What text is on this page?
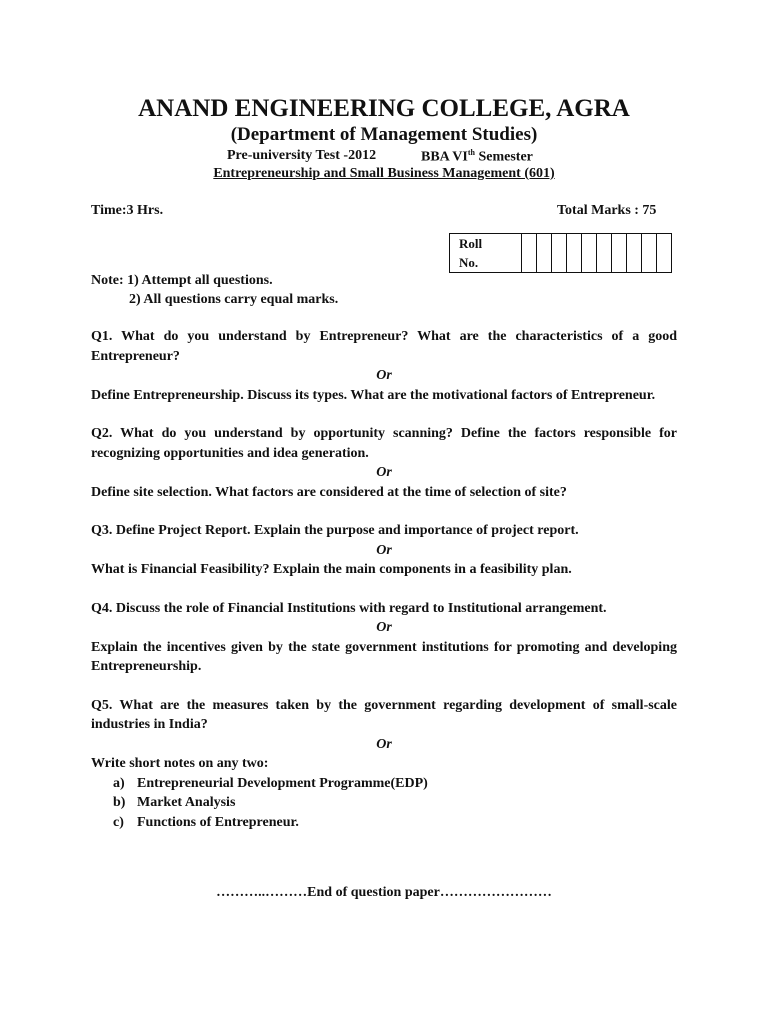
ANAND ENGINEERING COLLEGE, AGRA
(Department of Management Studies)
Pre-university Test -2012	BBA VIth Semester
Entrepreneurship and Small Business Management (601)
Time:3 Hrs.	Total Marks : 75
Roll
No.										
Note: 1) Attempt all questions.
2) All questions carry equal marks.
Q1. What do you understand by Entrepreneur? What are the characteristics of a good Entrepreneur?
Or
Define Entrepreneurship. Discuss its types. What are the motivational factors of Entrepreneur.
Q2. What do you understand by opportunity scanning? Define the factors responsible for recognizing opportunities and idea generation.
Or
Define site selection. What factors are considered at the time of selection of site?
Q3. Define Project Report. Explain the purpose and importance of project report.
Or
What is Financial Feasibility? Explain the main components in a feasibility plan.
Q4. Discuss the role of Financial Institutions with regard to Institutional arrangement.
Or
Explain the incentives given by the state government institutions for promoting and developing Entrepreneurship.
Q5. What are the measures taken by the government regarding development of small-scale industries in India?
Or
Write short notes on any two:
a) Entrepreneurial Development Programme(EDP)
b) Market Analysis
c) Functions of Entrepreneur.
………..………End of question paper……………………
